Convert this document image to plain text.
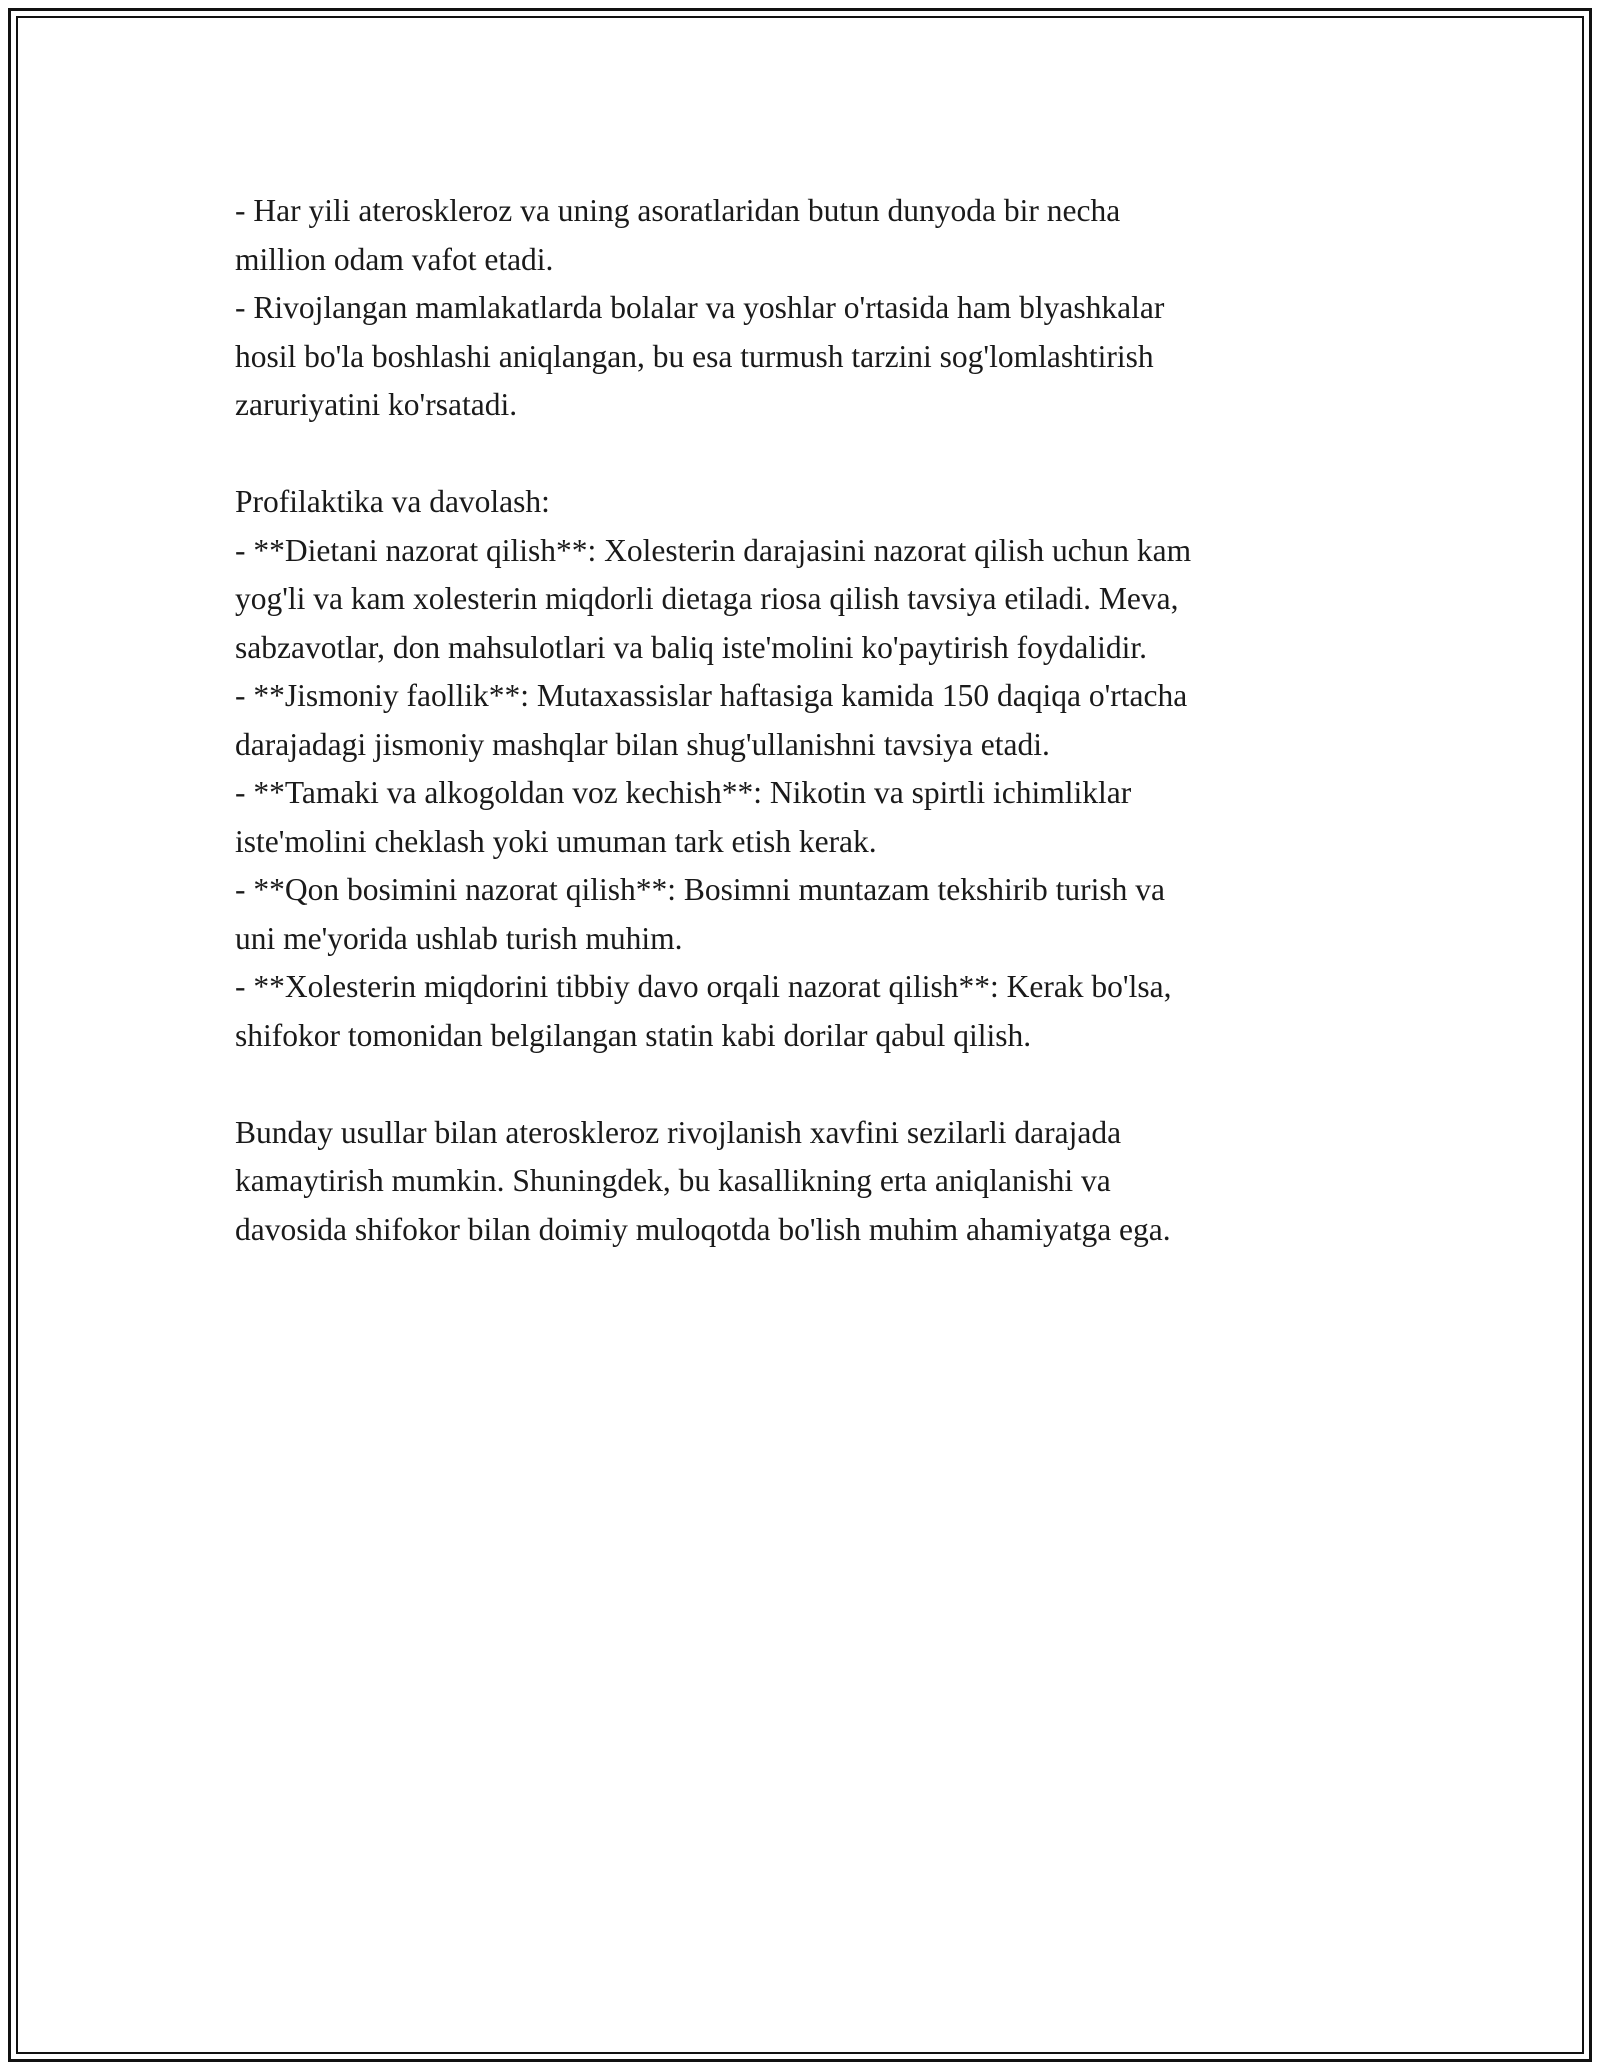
- Har yili ateroskleroz va uning asoratlaridan butun dunyoda bir necha

million odam vafot etadi.

- Rivojlangan mamlakatlarda bolalar va yoshlar o'rtasida ham blyashkalar

hosil bo'la boshlashi aniqlangan, bu esa turmush tarzini sog'lomlashtirish

zaruriyatini ko'rsatadi.

Profilaktika va davolash:

- **Dietani nazorat qilish**: Xolesterin darajasini nazorat qilish uchun kam

yog'li va kam xolesterin miqdorli dietaga riosa qilish tavsiya etiladi. Meva,

sabzavotlar, don mahsulotlari va baliq iste'molini ko'paytirish foydalidir.

- **Jismoniy faollik**: Mutaxassislar haftasiga kamida 150 daqiqa o'rtacha

darajadagi jismoniy mashqlar bilan shug'ullanishni tavsiya etadi.

- **Tamaki va alkogoldan voz kechish**: Nikotin va spirtli ichimliklar

iste'molini cheklash yoki umuman tark etish kerak.

- **Qon bosimini nazorat qilish**: Bosimni muntazam tekshirib turish va

uni me'yorida ushlab turish muhim.

- **Xolesterin miqdorini tibbiy davo orqali nazorat qilish**: Kerak bo'lsa,

shifokor tomonidan belgilangan statin kabi dorilar qabul qilish.

Bunday usullar bilan ateroskleroz rivojlanish xavfini sezilarli darajada

kamaytirish mumkin. Shuningdek, bu kasallikning erta aniqlanishi va

davosida shifokor bilan doimiy muloqotda bo'lish muhim ahamiyatga ega.
